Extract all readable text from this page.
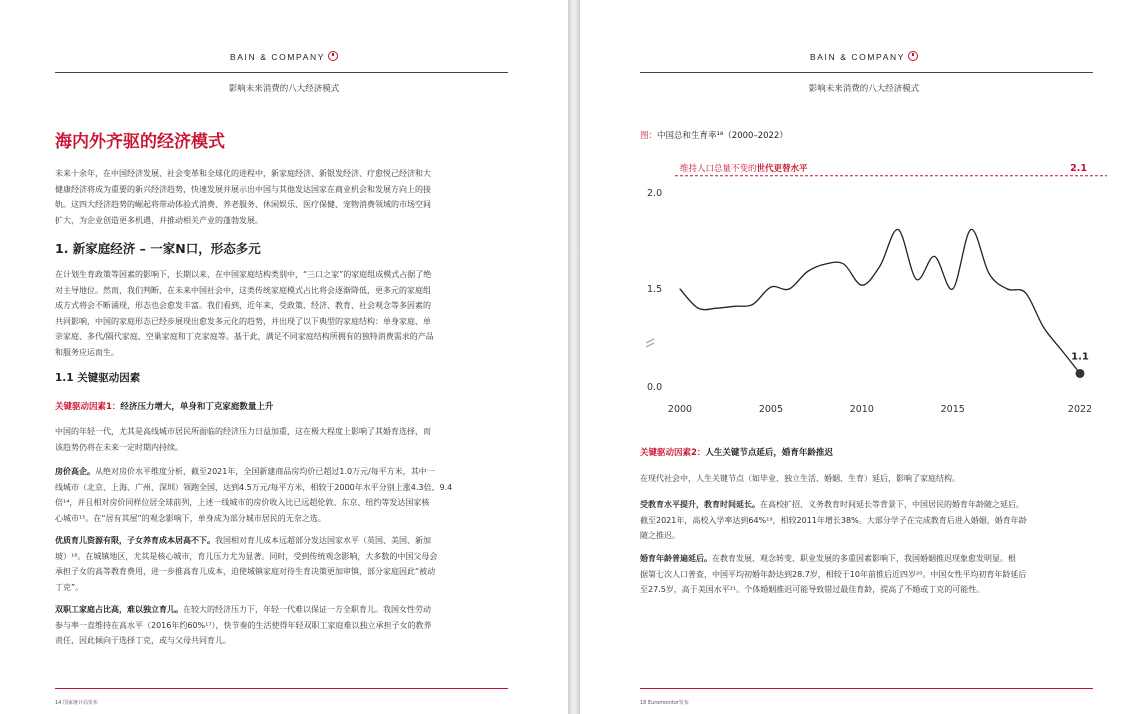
BAIN & COMPANY
影响未来消费的八大经济模式
海内外齐驱的经济模式
未来十余年，在中国经济发展、社会变革和全球化的进程中，新家庭经济、新银发经济、疗愈悦己经济和大
健康经济将成为重要的新兴经济趋势，快速发展并展示出中国与其他发达国家在商业机会和发展方向上的接
轨。这四大经济趋势的崛起将带动体验式消费、养老服务、休闲娱乐、医疗保健、宠物消费领域的市场空间
扩大，为企业创造更多机遇，并推动相关产业的蓬勃发展。
1. 新家庭经济 – 一家N口，形态多元
在计划生育政策等因素的影响下，长期以来，在中国家庭结构类别中，“三口之家”的家庭组成模式占据了绝
对主导地位。然而，我们判断，在未来中国社会中，这类传统家庭模式占比将会逐渐降低，更多元的家庭组
成方式将会不断涌现，形态也会愈发丰富。我们看到，近年来，受政策、经济、教育、社会观念等多因素的
共同影响，中国的家庭形态已经步展现出愈发多元化的趋势，并出现了以下典型的家庭结构：单身家庭、单
亲家庭、多代/隔代家庭、空巢家庭和丁克家庭等。基于此，满足不同家庭结构所拥有的独特消费需求的产品
和服务应运而生。
1.1 关键驱动因素
关键驱动因素1：经济压力增大，单身和丁克家庭数量上升
中国的年轻一代，尤其是高线城市居民所面临的经济压力日益加重，这在极大程度上影响了其婚育选择，而
该趋势仍将在未来一定时期内持续。
房价高企。从绝对房价水平维度分析，截至2021年，全国新建商品房均价已超过1.0万元/每平方米，其中一
线城市（北京、上海、广州、深圳）领跑全国，达到4.5万元/每平方米，相较于2000年水平分别上涨4.3倍、9.4
倍¹⁴，并且相对房价同样位居全球前列，上述一线城市的房价收入比已远超伦敦、东京、纽约等发达国家核
心城市¹⁵。在“居有其屋”的观念影响下，单身成为部分城市居民的无奈之选。
优质育儿资源有限，子女养育成本居高不下。我国相对育儿成本远超部分发达国家水平（英国、美国、新加
坡）¹⁶。在城镇地区，尤其是核心城市，育儿压力尤为显著。同时，受到传统观念影响，大多数的中国父母会
承担子女的高等教育费用，进一步推高育儿成本，迫使城镇家庭对待生育决策更加审慎，部分家庭因此“被动
丁克”。
双职工家庭占比高，难以独立育儿。在较大的经济压力下，年轻一代难以保证一方全职育儿。我国女性劳动
参与率一直维持在高水平（2016年约60%¹⁷），快节奏的生活使得年轻双职工家庭难以独立承担子女的教养
责任，因此倾向于选择丁克，或与父母共同育儿。
14 国家统计局发布
BAIN & COMPANY
影响未来消费的八大经济模式
图：中国总和生育率¹⁸（2000–2022）
维持人口总量不变的世代更替水平	2.1
0.0
1.5
2.0
2000	2005	2010	2015	2022
1.1
关键驱动因素2：人生关键节点延后，婚育年龄推迟
在现代社会中，人生关键节点（如毕业、独立生活、婚姻、生育）延后，影响了家庭结构。
受教育水平提升，教育时间延长。在高校扩招、义务教育时间延长等背景下，中国居民的婚育年龄随之延后。
截至2021年，高校入学率达到64%¹⁹，相较2011年增长38%。大部分学子在完成教育后进入婚姻，婚育年龄
随之推迟。
婚育年龄普遍延后。在教育发展、观念转变、职业发展的多重因素影响下，我国婚姻推迟现象愈发明显。根
据第七次人口普查，中国平均初婚年龄达到28.7岁，相较于10年前推后近四岁²⁰。中国女性平均初育年龄延后
至27.5岁，高于美国水平²¹。个体婚姻推迟可能导致错过最佳育龄，提高了不婚或丁克的可能性。
18 Euromonitor发布
